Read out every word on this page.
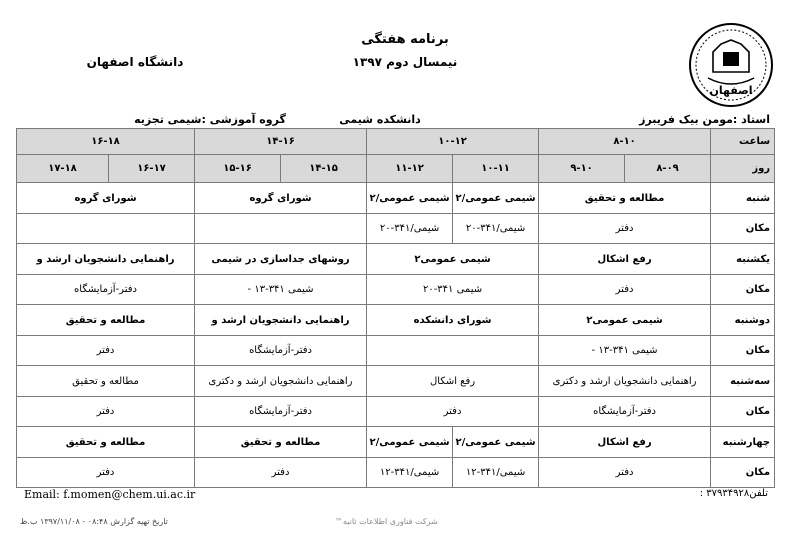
برنامه هفتگی
نیمسال دوم ۱۳۹۷
دانشگاه اصفهان
اصفهان
استاد :مومن بیک فریبرز
دانشکده شیمی
گروه آموزشی :شیمی تجزیه
ساعت	۸-۱۰		۱۰-۱۲		۱۴-۱۶		۱۶-۱۸	
روز	۸-۰۹	۹-۱۰	۱۰-۱۱	۱۱-۱۲	۱۴-۱۵	۱۵-۱۶	۱۶-۱۷	۱۷-۱۸
شنبه	مطالعه و تحقیق		شیمی عمومی/۲	شیمی عمومی/۲	شورای گروه		شورای گروه	
مکان	دفتر		شیمی/۳۴۱-۲۰	شیمی/۳۴۱-۲۰				
یکشنبه	رفع اشکال		شیمی عمومی۲		روشهای جداسازی در شیمی		راهنمایی دانشجویان ارشد و	
مکان	دفتر		شیمی ۳۴۱-۲۰		شیمی ۳۴۱-۱۳ -		دفتر-آزمایشگاه	
دوشنبه	شیمی عمومی۲		شورای دانشکده		راهنمایی دانشجویان ارشد و		مطالعه و تحقیق	
مکان	شیمی ۳۴۱-۱۳ -				دفتر-آزمایشگاه		دفتر	
سه‌شنبه	راهنمایی دانشجویان ارشد و دکتری		رفع اشکال		راهنمایی دانشجویان ارشد و دکتری		مطالعه و تحقیق	
مکان	دفتر-آزمایشگاه		دفتر		دفتر-آزمایشگاه		دفتر	
چهارشنبه	رفع اشکال		شیمی عمومی/۲	شیمی عمومی/۲	مطالعه و تحقیق		مطالعه و تحقیق	
مکان	دفتر		شیمی/۳۴۱-۱۲	شیمی/۳۴۱-۱۲	دفتر		دفتر	
Email: f.momen@chem.ui.ac.ir	تلفن۳۷۹۳۴۹۲۸ :
تاریخ تهیه گزارش ۰۸:۴۸ - ۱۳۹۷/۱۱/۰۸ ب.ظ	شرکت فناوری اطلاعات ثانیه™
